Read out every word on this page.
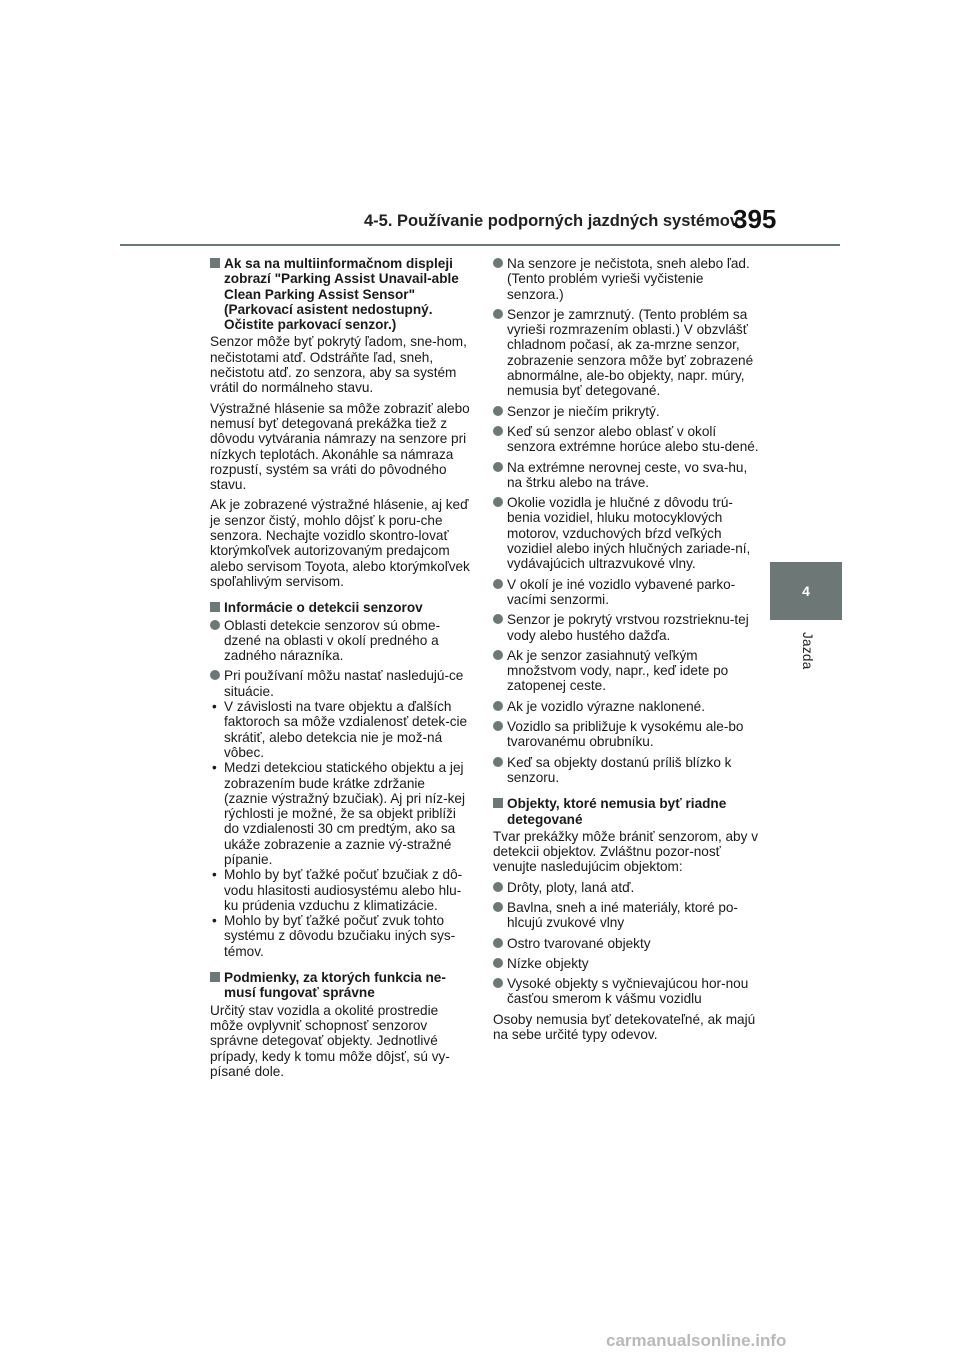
4-5. Používanie podporných jazdných systémov
395
4
Jazda
Ak sa na multiinformačnom displeji zobrazí "Parking Assist Unavail-able Clean Parking Assist Sensor" (Parkovací asistent nedostupný. Očistite parkovací senzor.)
Senzor môže byť pokrytý ľadom, sne-hom, nečistotami atď. Odstráňte ľad, sneh, nečistotu atď. zo senzora, aby sa systém vrátil do normálneho stavu.
Výstražné hlásenie sa môže zobraziť alebo nemusí byť detegovaná prekážka tiež z dôvodu vytvárania námrazy na senzore pri nízkych teplotách. Akonáhle sa námraza rozpustí, systém sa vráti do pôvodného stavu.
Ak je zobrazené výstražné hlásenie, aj keď je senzor čistý, mohlo dôjsť k poru-che senzora. Nechajte vozidlo skontro-lovať ktorýmkoľvek autorizovaným predajcom alebo servisom Toyota, alebo ktorýmkoľvek spoľahlivým servisom.
Informácie o detekcii senzorov
Oblasti detekcie senzorov sú obme-dzené na oblasti v okolí predného a zadného nárazníka.
Pri používaní môžu nastať nasledujú-ce situácie.
• V závislosti na tvare objektu a ďalších faktoroch sa môže vzdialenosť detek-cie skrátiť, alebo detekcia nie je mož-ná vôbec.
• Medzi detekciou statického objektu a jej zobrazením bude krátke zdržanie (zaznie výstražný bzučiak). Aj pri níz-kej rýchlosti je možné, že sa objekt priblíži do vzdialenosti 30 cm predtým, ako sa ukáže zobrazenie a zaznie vý-stražné pípanie.
• Mohlo by byť ťažké počuť bzučiak z dô-vodu hlasitosti audiosystému alebo hlu-ku prúdenia vzduchu z klimatizácie.
• Mohlo by byť ťažké počuť zvuk tohto systému z dôvodu bzučiaku iných sys-témov.
Podmienky, za ktorých funkcia ne-musí fungovať správne
Určitý stav vozidla a okolité prostredie môže ovplyvniť schopnosť senzorov správne detegovať objekty. Jednotlivé prípady, kedy k tomu môže dôjsť, sú vy-písané dole.
Na senzore je nečistota, sneh alebo ľad. (Tento problém vyrieši vyčistenie senzora.)
Senzor je zamrznutý. (Tento problém sa vyrieši rozmrazením oblasti.) V obzvlášť chladnom počasí, ak za-mrzne senzor, zobrazenie senzora môže byť zobrazené abnormálne, ale-bo objekty, napr. múry, nemusia byť detegované.
Senzor je niečím prikrytý.
Keď sú senzor alebo oblasť v okolí senzora extrémne horúce alebo stu-dené.
Na extrémne nerovnej ceste, vo sva-hu, na štrku alebo na tráve.
Okolie vozidla je hlučné z dôvodu trú-benia vozidiel, hluku motocyklových motorov, vzduchových bŕzd veľkých vozidiel alebo iných hlučných zariade-ní, vydávajúcich ultrazvukové vlny.
V okolí je iné vozidlo vybavené parko-vacími senzormi.
Senzor je pokrytý vrstvou rozstrieknu-tej vody alebo hustého dažďa.
Ak je senzor zasiahnutý veľkým množstvom vody, napr., keď idete po zatopenej ceste.
Ak je vozidlo výrazne naklonené.
Vozidlo sa približuje k vysokému ale-bo tvarovanému obrubníku.
Keď sa objekty dostanú príliš blízko k senzoru.
Objekty, ktoré nemusia byť riadne detegované
Tvar prekážky môže brániť senzorom, aby v detekcii objektov. Zvláštnu pozor-nosť venujte nasledujúcim objektom:
Drôty, ploty, laná atď.
Bavlna, sneh a iné materiály, ktoré po-hlcujú zvukové vlny
Ostro tvarované objekty
Nízke objekty
Vysoké objekty s vyčnievajúcou hor-nou časťou smerom k vášmu vozidlu
Osoby nemusia byť detekovateľné, ak majú na sebe určité typy odevov.
carmanualsonline.info
